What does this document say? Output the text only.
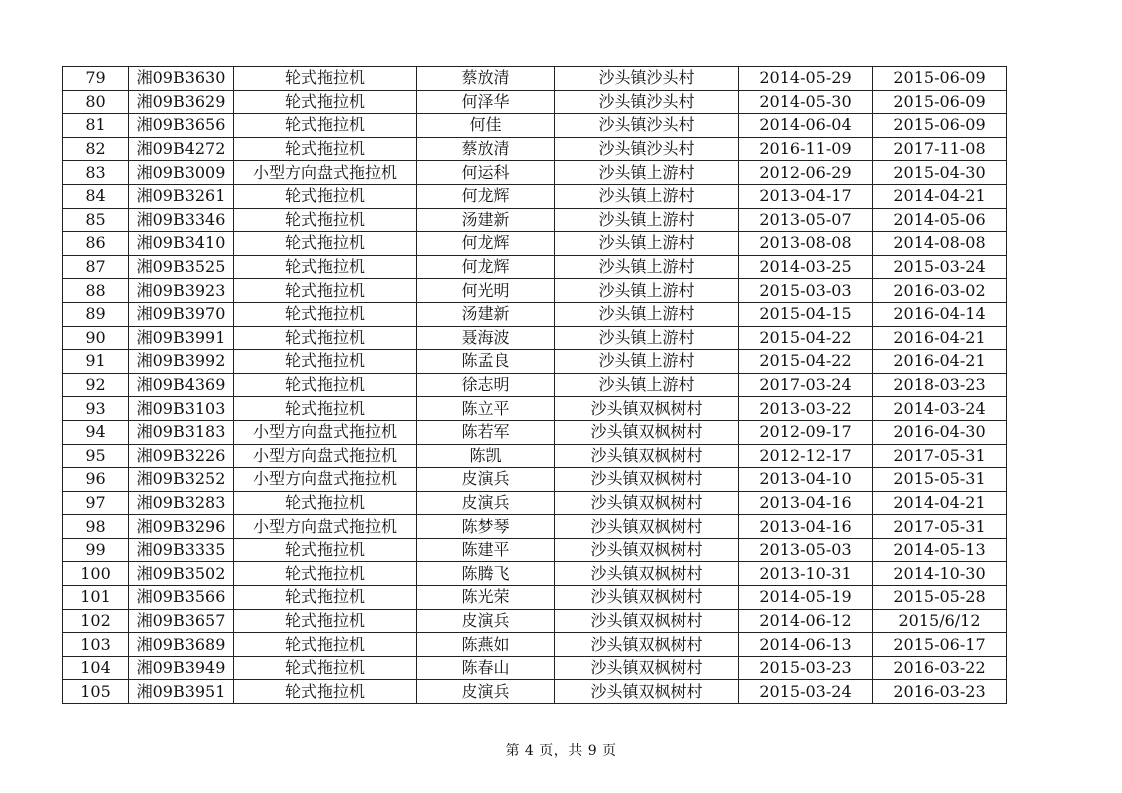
79	湘09B3630	轮式拖拉机	蔡放清	沙头镇沙头村	2014-05-29	2015-06-09
80	湘09B3629	轮式拖拉机	何泽华	沙头镇沙头村	2014-05-30	2015-06-09
81	湘09B3656	轮式拖拉机	何佳	沙头镇沙头村	2014-06-04	2015-06-09
82	湘09B4272	轮式拖拉机	蔡放清	沙头镇沙头村	2016-11-09	2017-11-08
83	湘09B3009	小型方向盘式拖拉机	何运科	沙头镇上游村	2012-06-29	2015-04-30
84	湘09B3261	轮式拖拉机	何龙辉	沙头镇上游村	2013-04-17	2014-04-21
85	湘09B3346	轮式拖拉机	汤建新	沙头镇上游村	2013-05-07	2014-05-06
86	湘09B3410	轮式拖拉机	何龙辉	沙头镇上游村	2013-08-08	2014-08-08
87	湘09B3525	轮式拖拉机	何龙辉	沙头镇上游村	2014-03-25	2015-03-24
88	湘09B3923	轮式拖拉机	何光明	沙头镇上游村	2015-03-03	2016-03-02
89	湘09B3970	轮式拖拉机	汤建新	沙头镇上游村	2015-04-15	2016-04-14
90	湘09B3991	轮式拖拉机	聂海波	沙头镇上游村	2015-04-22	2016-04-21
91	湘09B3992	轮式拖拉机	陈孟良	沙头镇上游村	2015-04-22	2016-04-21
92	湘09B4369	轮式拖拉机	徐志明	沙头镇上游村	2017-03-24	2018-03-23
93	湘09B3103	轮式拖拉机	陈立平	沙头镇双枫树村	2013-03-22	2014-03-24
94	湘09B3183	小型方向盘式拖拉机	陈若军	沙头镇双枫树村	2012-09-17	2016-04-30
95	湘09B3226	小型方向盘式拖拉机	陈凯	沙头镇双枫树村	2012-12-17	2017-05-31
96	湘09B3252	小型方向盘式拖拉机	皮演兵	沙头镇双枫树村	2013-04-10	2015-05-31
97	湘09B3283	轮式拖拉机	皮演兵	沙头镇双枫树村	2013-04-16	2014-04-21
98	湘09B3296	小型方向盘式拖拉机	陈梦琴	沙头镇双枫树村	2013-04-16	2017-05-31
99	湘09B3335	轮式拖拉机	陈建平	沙头镇双枫树村	2013-05-03	2014-05-13
100	湘09B3502	轮式拖拉机	陈腾飞	沙头镇双枫树村	2013-10-31	2014-10-30
101	湘09B3566	轮式拖拉机	陈光荣	沙头镇双枫树村	2014-05-19	2015-05-28
102	湘09B3657	轮式拖拉机	皮演兵	沙头镇双枫树村	2014-06-12	2015/6/12
103	湘09B3689	轮式拖拉机	陈燕如	沙头镇双枫树村	2014-06-13	2015-06-17
104	湘09B3949	轮式拖拉机	陈春山	沙头镇双枫树村	2015-03-23	2016-03-22
105	湘09B3951	轮式拖拉机	皮演兵	沙头镇双枫树村	2015-03-24	2016-03-23
第 4 页，共 9 页
